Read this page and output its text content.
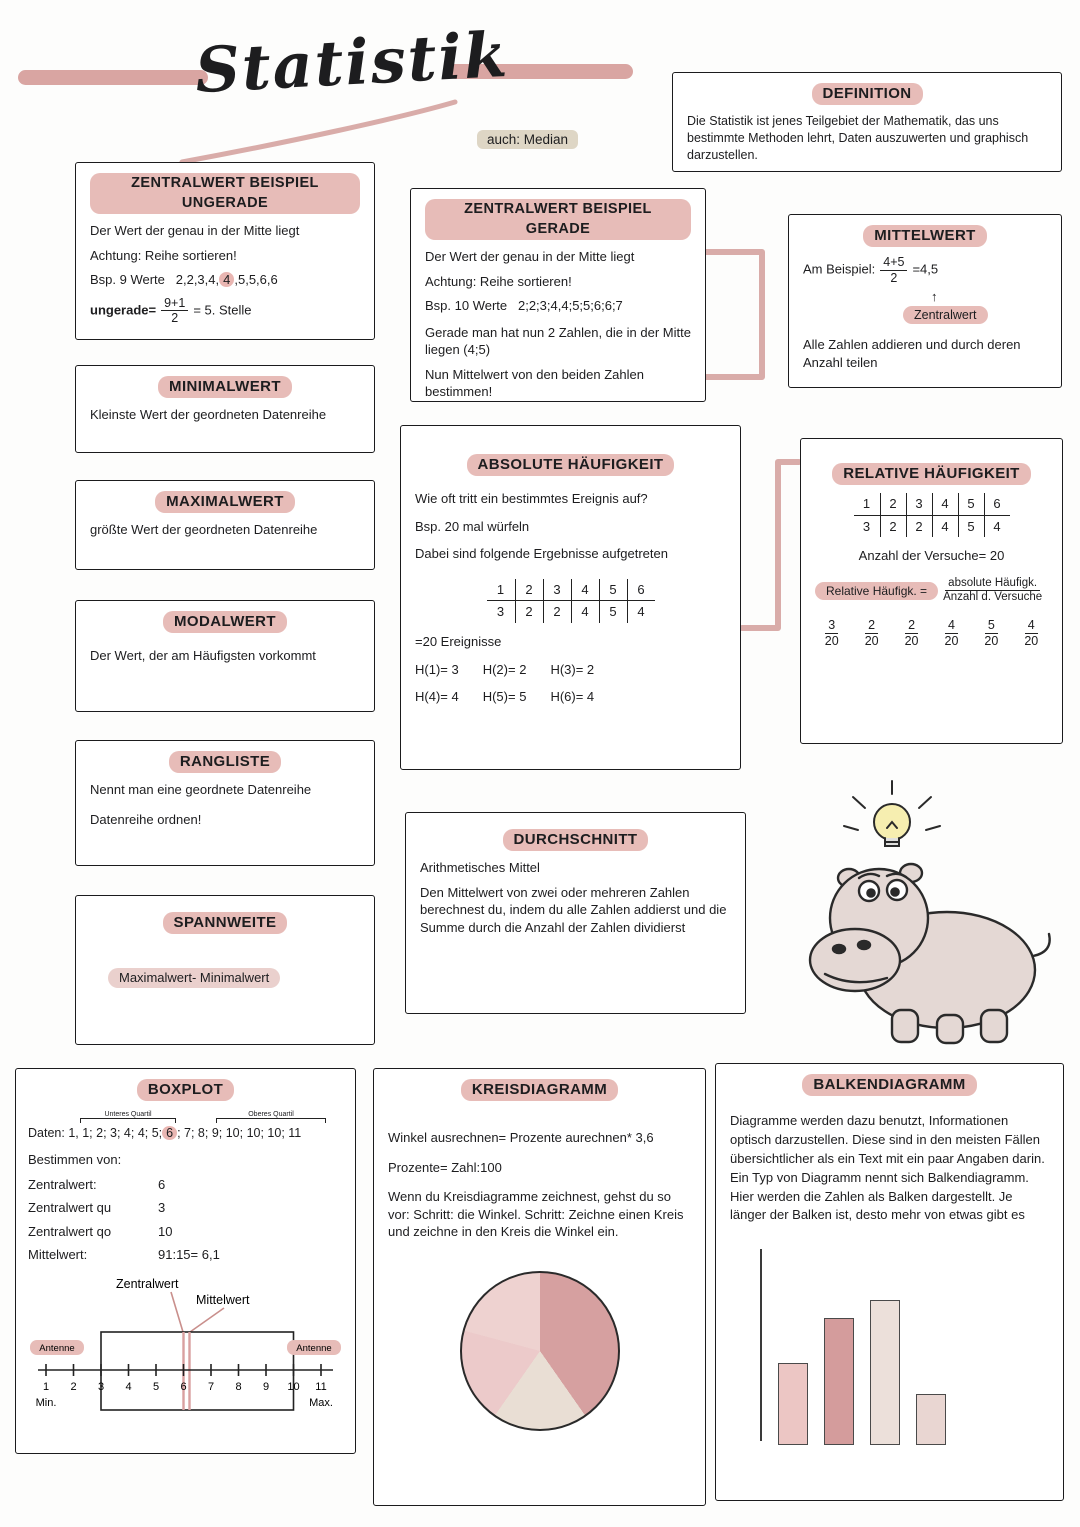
Statistik
auch: Median
DEFINITION

Die Statistik ist jenes Teilgebiet der Mathematik, das uns bestimmte Methoden lehrt, Daten auszuwerten und graphisch darzustellen.

ZENTRALWERT BEISPIEL UNGERADE

Der Wert der genau in der Mitte liegt

Achtung: Reihe sortieren!

Bsp. 9 Werte 2,2,3,4, 4 ,5,5,6,6

ungerade= $\frac{9+1}{2} = 5$. Stelle

ZENTRALWERT BEISPIEL GERADE

Der Wert der genau in der Mitte liegt

Achtung: Reihe sortieren!

Bsp. 10 Werte 2;2;3;4,4;5;5;6;6;7

Gerade man hat nun 2 Zahlen, die in der Mitte liegen (4;5)

Nun Mittelwert von den beiden Zahlen bestimmen!

MITTELWERT

Am Beispiel: $\frac{4+5}{2} =4,5$

↑
Zentralwert

Alle Zahlen addieren und durch deren Anzahl teilen

MINIMALWERT

Kleinste Wert der geordneten Datenreihe

MAXIMALWERT

größte Wert der geordneten Datenreihe

MODALWERT

Der Wert, der am Häufigsten vorkommt

ABSOLUTE HÄUFIGKEIT

Wie oft tritt ein bestimmtes Ereignis auf?

Bsp. 20 mal würfeln

Dabei sind folgende Ergebnisse aufgetreten

1	2	3	4	5	6
3	2	2	4	5	4

=20 Ereignisse

H(1)= 3 H(2)= 2 H(3)= 2
H(4)= 4 H(5)= 5 H(6)= 4
RELATIVE HÄUFIGKEIT
1	2	3	4	5	6
3	2	2	4	5	4

Anzahl der Versuche= 20

Relative Häufigk. =	$\frac{\text{absolute Häufigk.}}{\text{Anzahl d. Versuche}}$

$\frac{3}{20} \frac{2}{20} \frac{2}{20} \frac{4}{20} \frac{5}{20} \frac{4}{20}$
RANGLISTE

Nennt man eine geordnete Datenreihe

Datenreihe ordnen!

DURCHSCHNITT

Arithmetisches Mittel

Den Mittelwert von zwei oder mehreren Zahlen berechnest du, indem du alle Zahlen addierst und die Summe durch die Anzahl der Zahlen dividierst

SPANNWEITE

Maximalwert- Minimalwert

BOXPLOT
Unteres Quartil	Oberes Quartil

Daten: 1, 1; 2; 3; 4; 4; 5; 6 ; 7; 8; 9; 10; 10; 10; 11

Bestimmen von:

Zentralwert:	6
Zentralwert qu	3
Zentralwert qo	10
Mittelwert:	91:15= 6,1
Zentralwert
Mittelwert
Antenne	Antenne
1 2 3 4 5 6 7 8 9 10 11
Min.	Max.
KREISDIAGRAMM

Winkel ausrechnen= Prozente aurechnen* 3,6

Prozente= Zahl:100

Wenn du Kreisdiagramme zeichnest, gehst du so vor: Schritt: die Winkel. Schritt: Zeichne einen Kreis und zeichne in den Kreis die Winkel ein.

BALKENDIAGRAMM

Diagramme werden dazu benutzt, Informationen optisch darzustellen. Diese sind in den meisten Fällen übersichtlicher als ein Text mit ein paar Angaben darin. Ein Typ von Diagramm nennt sich Balkendiagramm. Hier werden die Zahlen als Balken dargestellt. Je länger der Balken ist, desto mehr von etwas gibt es
